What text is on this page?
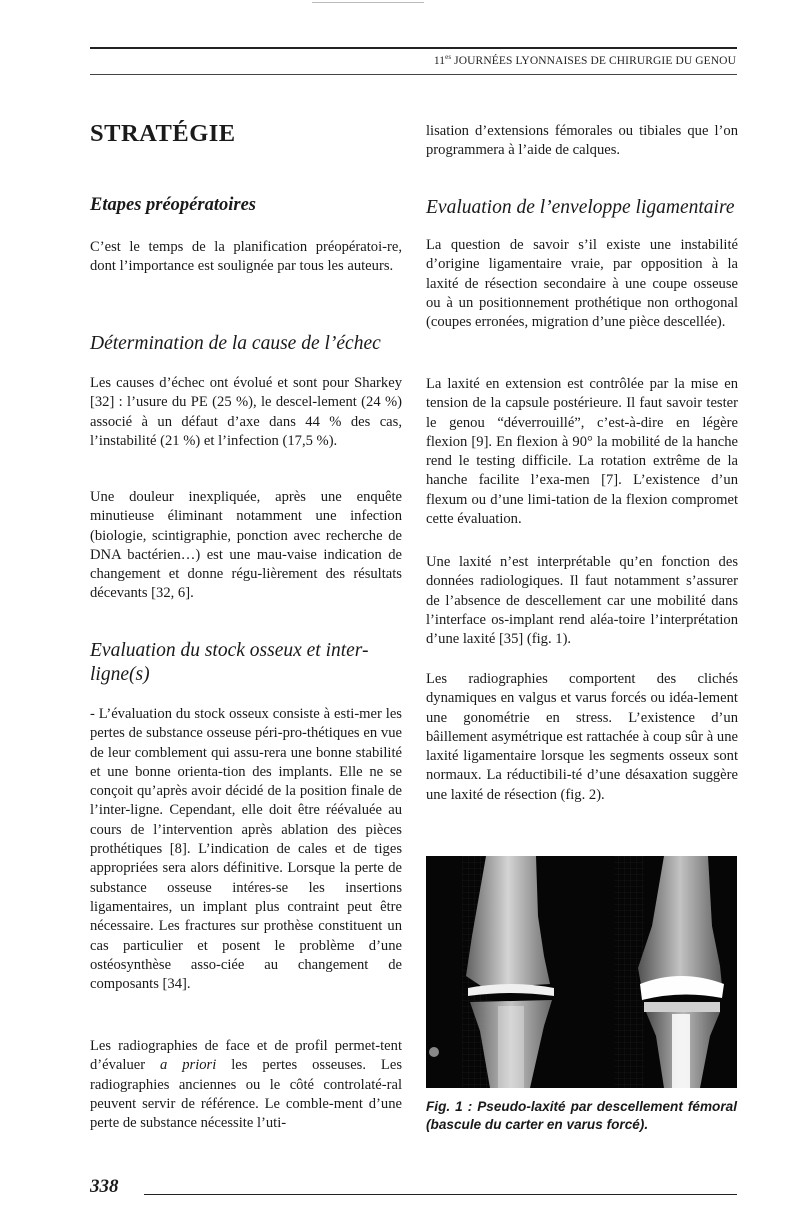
$11^{es}$ JOURNÉES LYONNAISES DE CHIRURGIE DU GENOU
STRATÉGIE
Etapes préopératoires

C’est le temps de la planification préopératoi-re, dont l’importance est soulignée par tous les auteurs.

Détermination de la cause de l’échec

Les causes d’échec ont évolué et sont pour Sharkey [32] : l’usure du PE (25 %), le descel-lement (24 %) associé à un défaut d’axe dans 44 % des cas, l’instabilité (21 %) et l’infection (17,5 %).

Une douleur inexpliquée, après une enquête minutieuse éliminant notamment une infection (biologie, scintigraphie, ponction avec recherche de DNA bactérien…) est une mau-vaise indication de changement et donne régu-lièrement des résultats décevants [32, 6].

Evaluation du stock osseux et inter-ligne(s)

- L’évaluation du stock osseux consiste à esti-mer les pertes de substance osseuse péri-pro-thétiques en vue de leur comblement qui assu-rera une bonne stabilité et une bonne orienta-tion des implants. Elle ne se conçoit qu’après avoir décidé de la position finale de l’inter-ligne. Cependant, elle doit être réévaluée au cours de l’intervention après ablation des pièces prothétiques [8]. L’indication de cales et de tiges appropriées sera alors définitive. Lorsque la perte de substance osseuse intéres-se les insertions ligamentaires, un implant plus contraint peut être nécessaire. Les fractures sur prothèse constituent un cas particulier et posent le problème d’une ostéosynthèse asso-ciée au changement de composants [34].

Les radiographies de face et de profil permet-tent d’évaluer a priori les pertes osseuses. Les radiographies anciennes ou le côté controlaté-ral peuvent servir de référence. Le comble-ment d’une perte de substance nécessite l’uti-

lisation d’extensions fémorales ou tibiales que l’on programmera à l’aide de calques.

Evaluation de l’enveloppe ligamentaire

La question de savoir s’il existe une instabilité d’origine ligamentaire vraie, par opposition à la laxité de résection secondaire à une coupe osseuse ou à un positionnement prothétique non orthogonal (coupes erronées, migration d’une pièce descellée).

La laxité en extension est contrôlée par la mise en tension de la capsule postérieure. Il faut savoir tester le genou “déverrouillé”, c’est-à-dire en légère flexion [9]. En flexion à 90° la mobilité de la hanche rend le testing difficile. La rotation extrême de la hanche facilite l’exa-men [7]. L’existence d’un flexum ou d’une limi-tation de la flexion compromet cette évaluation.

Une laxité n’est interprétable qu’en fonction des données radiologiques. Il faut notamment s’assurer de l’absence de descellement car une mobilité dans l’interface os-implant rend aléa-toire l’interprétation d’une laxité [35] (fig. 1).

Les radiographies comportent des clichés dynamiques en valgus et varus forcés ou idéa-lement une gonométrie en stress. L’existence d’un bâillement asymétrique est rattachée à coup sûr à une laxité ligamentaire lorsque les segments osseux sont normaux. La réductibili-té d’une désaxation suggère une laxité de résection (fig. 2).

Fig. 1 : Pseudo-laxité par descellement fémoral (bascule du carter en varus forcé).
338
